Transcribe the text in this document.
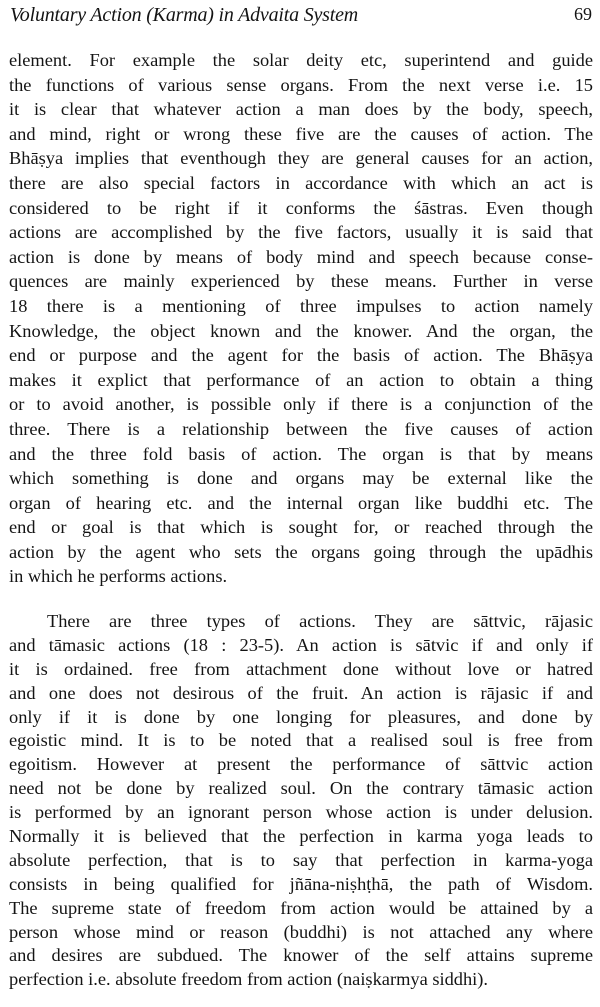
Voluntary Action (Karma) in Advaita System	69
element. For example the solar deity etc, superintend and guide
the functions of various sense organs. From the next verse i.e. 15
it is clear that whatever action a man does by the body, speech,
and mind, right or wrong these five are the causes of action. The
Bhāṣya implies that eventhough they are general causes for an action,
there are also special factors in accordance with which an act is
considered to be right if it conforms the śāstras. Even though
actions are accomplished by the five factors, usually it is said that
action is done by means of body mind and speech because conse-
quences are mainly experienced by these means. Further in verse
18 there is a mentioning of three impulses to action namely
Knowledge, the object known and the knower. And the organ, the
end or purpose and the agent for the basis of action. The Bhāṣya
makes it explict that performance of an action to obtain a thing
or to avoid another, is possible only if there is a conjunction of the
three. There is a relationship between the five causes of action
and the three fold basis of action. The organ is that by means
which something is done and organs may be external like the
organ of hearing etc. and the internal organ like buddhi etc. The
end or goal is that which is sought for, or reached through the
action by the agent who sets the organs going through the upādhis
in which he performs actions.
There are three types of actions. They are sāttvic, rājasic
and tāmasic actions (18 : 23-5). An action is sātvic if and only if
it is ordained. free from attachment done without love or hatred
and one does not desirous of the fruit. An action is rājasic if and
only if it is done by one longing for pleasures, and done by
egoistic mind. It is to be noted that a realised soul is free from
egoitism. However at present the performance of sāttvic action
need not be done by realized soul. On the contrary tāmasic action
is performed by an ignorant person whose action is under delusion.
Normally it is believed that the perfection in karma yoga leads to
absolute perfection, that is to say that perfection in karma-yoga
consists in being qualified for jñāna-niṣhṭhā, the path of Wisdom.
The supreme state of freedom from action would be attained by a
person whose mind or reason (buddhi) is not attached any where
and desires are subdued. The knower of the self attains supreme
perfection i.e. absolute freedom from action (naiṣkarmya siddhi).
